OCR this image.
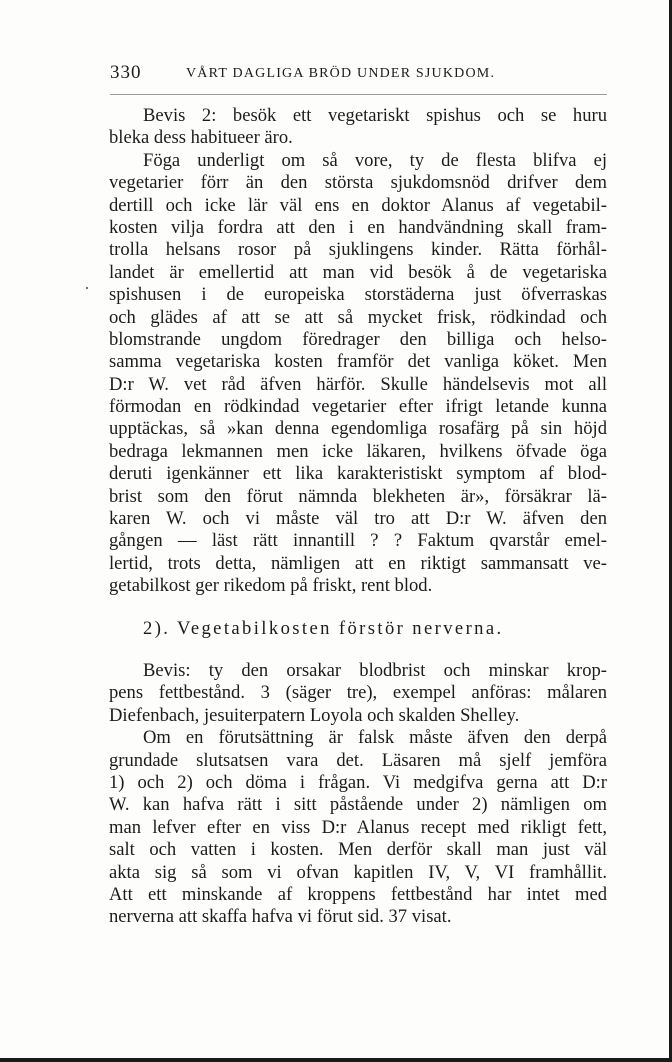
330	VÅRT DAGLIGA BRÖD UNDER SJUKDOM.
Bevis 2: besök ett vegetariskt spishus och se huru
bleka dess habitueer äro.
Föga underligt om så vore, ty de flesta blifva ej
vegetarier förr än den största sjukdomsnöd drifver dem
dertill och icke lär väl ens en doktor Alanus af vegetabil-
kosten vilja fordra att den i en handvändning skall fram-
trolla helsans rosor på sjuklingens kinder. Rätta förhål-
landet är emellertid att man vid besök å de vegetariska
spishusen i de europeiska storstäderna just öfverraskas
och glädes af att se att så mycket frisk, rödkindad och
blomstrande ungdom föredrager den billiga och helso-
samma vegetariska kosten framför det vanliga köket. Men
D:r W. vet råd äfven härför. Skulle händelsevis mot all
förmodan en rödkindad vegetarier efter ifrigt letande kunna
upptäckas, så »kan denna egendomliga rosafärg på sin höjd
bedraga lekmannen men icke läkaren, hvilkens öfvade öga
deruti igenkänner ett lika karakteristiskt symptom af blod-
brist som den förut nämnda blekheten är», försäkrar lä-
karen W. och vi måste väl tro att D:r W. äfven den
gången — läst rätt innantill ? ? Faktum qvarstår emel-
lertid, trots detta, nämligen att en riktigt sammansatt ve-
getabilkost ger rikedom på friskt, rent blod.
2). Vegetabilkosten förstör nerverna.
Bevis: ty den orsakar blodbrist och minskar krop-
pens fettbestånd. 3 (säger tre), exempel anföras: målaren
Diefenbach, jesuiterpatern Loyola och skalden Shelley.
Om en förutsättning är falsk måste äfven den derpå
grundade slutsatsen vara det. Läsaren må sjelf jemföra
1) och 2) och döma i frågan. Vi medgifva gerna att D:r
W. kan hafva rätt i sitt påstående under 2) nämligen om
man lefver efter en viss D:r Alanus recept med rikligt fett,
salt och vatten i kosten. Men derför skall man just väl
akta sig så som vi ofvan kapitlen IV, V, VI framhållit.
Att ett minskande af kroppens fettbestånd har intet med
nerverna att skaffa hafva vi förut sid. 37 visat.
